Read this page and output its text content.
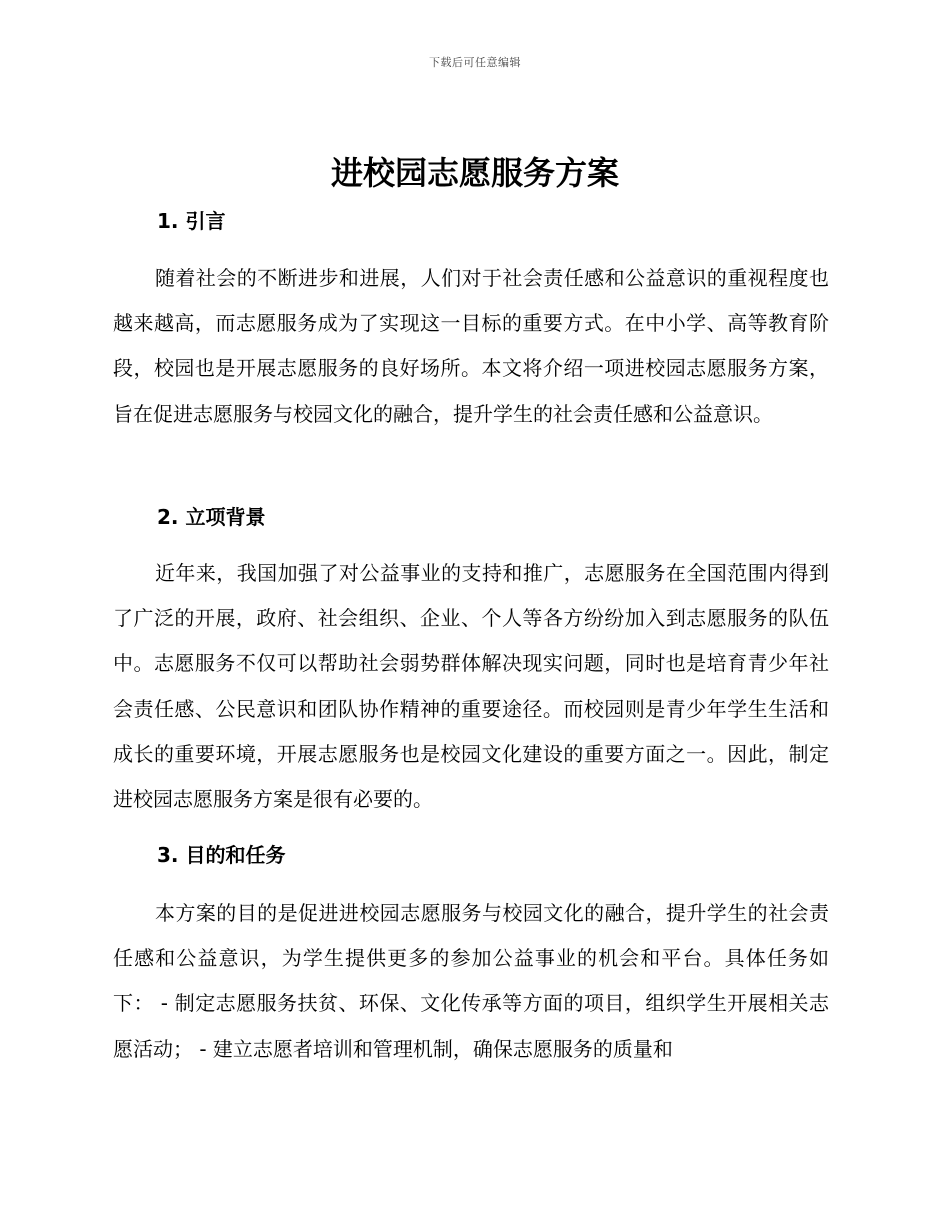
下载后可任意编辑
进校园志愿服务方案
1. 引言

随着社会的不断进步和进展，人们对于社会责任感和公益意识的重视程度也越来越高，而志愿服务成为了实现这一目标的重要方式。在中小学、高等教育阶段，校园也是开展志愿服务的良好场所。本文将介绍一项进校园志愿服务方案，旨在促进志愿服务与校园文化的融合，提升学生的社会责任感和公益意识。

2. 立项背景

近年来，我国加强了对公益事业的支持和推广，志愿服务在全国范围内得到了广泛的开展，政府、社会组织、企业、个人等各方纷纷加入到志愿服务的队伍中。志愿服务不仅可以帮助社会弱势群体解决现实问题，同时也是培育青少年社会责任感、公民意识和团队协作精神的重要途径。而校园则是青少年学生生活和成长的重要环境，开展志愿服务也是校园文化建设的重要方面之一。因此，制定进校园志愿服务方案是很有必要的。

3. 目的和任务

本方案的目的是促进进校园志愿服务与校园文化的融合，提升学生的社会责任感和公益意识，为学生提供更多的参加公益事业的机会和平台。具体任务如下： - 制定志愿服务扶贫、环保、文化传承等方面的项目，组织学生开展相关志愿活动； - 建立志愿者培训和管理机制，确保志愿服务的质量和
